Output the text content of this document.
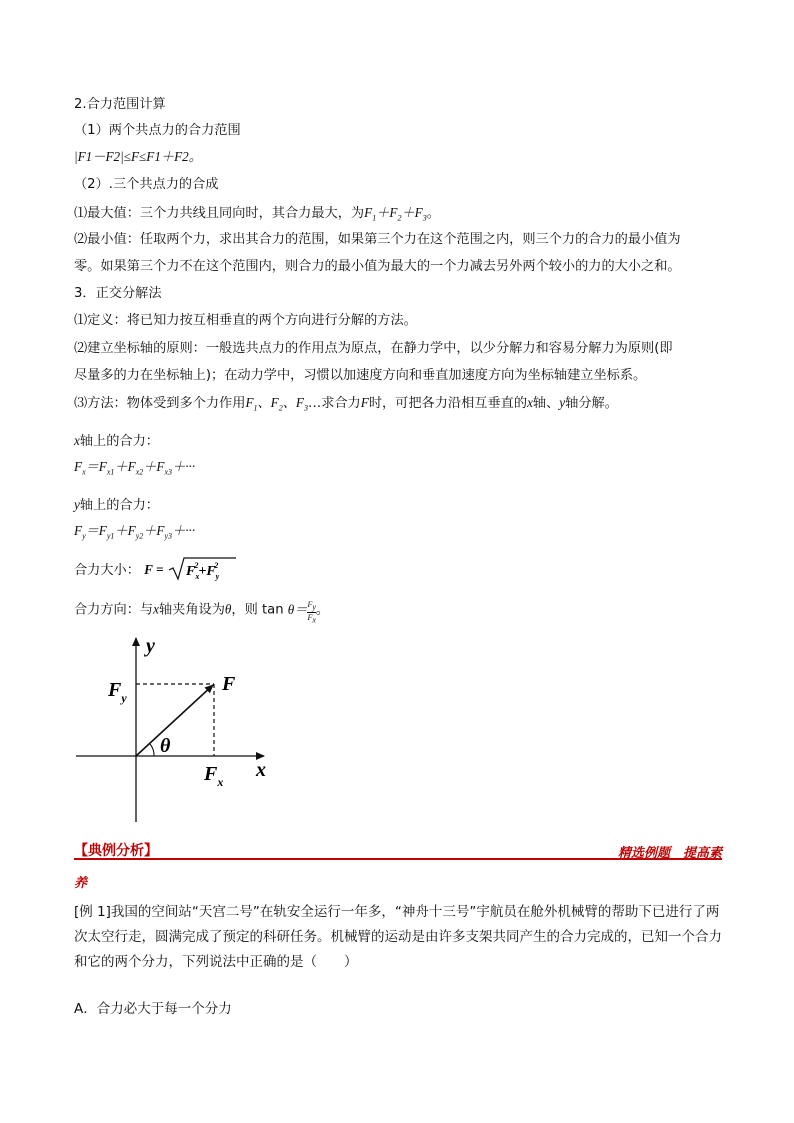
2.合力范围计算
（1）两个共点力的合力范围
|F1－F2|≤F≤F1＋F2。
（2）.三个共点力的合成
⑴最大值：三个力共线且同向时，其合力最大，为$F_1+F_2+F_3$。
⑵最小值：任取两个力，求出其合力的范围，如果第三个力在这个范围之内，则三个力的合力的最小值为
零。如果第三个力不在这个范围内，则合力的最小值为最大的一个力减去另外两个较小的力的大小之和。
3．正交分解法
⑴定义：将已知力按互相垂直的两个方向进行分解的方法。
⑵建立坐标轴的原则：一般选共点力的作用点为原点，在静力学中，以少分解力和容易分解力为原则(即
尽量多的力在坐标轴上)；在动力学中，习惯以加速度方向和垂直加速度方向为坐标轴建立坐标系。
⑶方法：物体受到多个力作用$F_1$、$F_2$、$F_3\dots$求合力F时，可把各力沿相互垂直的x轴、y轴分解。
x轴上的合力：
$F_x=F_{x1}+F_{x2}+F_{x3}+\cdot\cdot\cdot$
y轴上的合力：
$F_y=F_{y1}+F_{y2}+F_{y3}+\cdot\cdot\cdot$
合力大小： $F = F_x2+F_y2$
合力方向：与x轴夹角设为θ，则 $\tan \theta= \frac{F_y}{F_x}$ 。
y
x
F
$F_y$
$F_x$
θ
【典例分析】	精选例题　提高素
养
[例 1]我国的空间站“天宫二号”在轨安全运行一年多，“神舟十三号”宇航员在舱外机械臂的帮助下已进行了两次太空行走，圆满完成了预定的科研任务。机械臂的运动是由许多支架共同产生的合力完成的，已知一个合力和它的两个分力，下列说法中正确的是（　　）
A．合力必大于每一个分力
